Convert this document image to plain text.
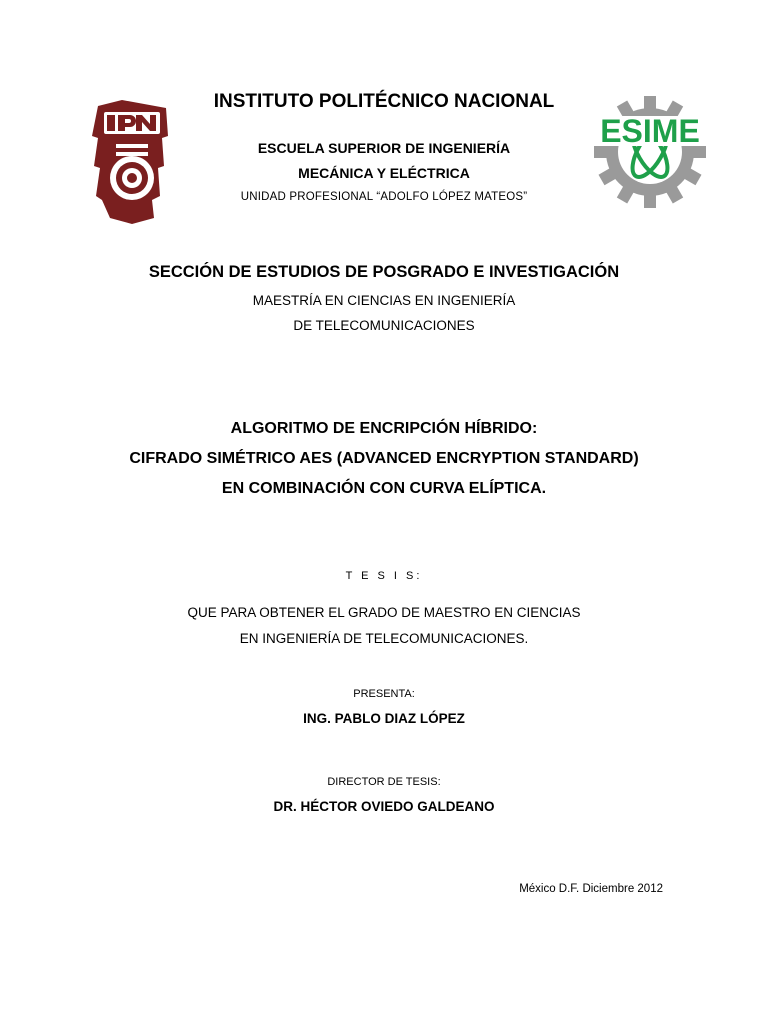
ESIME
INSTITUTO POLITÉCNICO NACIONAL
ESCUELA SUPERIOR DE INGENIERÍA
MECÁNICA Y ELÉCTRICA
UNIDAD PROFESIONAL “ADOLFO LÓPEZ MATEOS”
SECCIÓN DE ESTUDIOS DE POSGRADO E INVESTIGACIÓN
MAESTRÍA EN CIENCIAS EN INGENIERÍA
DE TELECOMUNICACIONES
ALGORITMO DE ENCRIPCIÓN HÍBRIDO:
CIFRADO SIMÉTRICO AES (ADVANCED ENCRYPTION STANDARD)
EN COMBINACIÓN CON CURVA ELÍPTICA.
T E S I S:
QUE PARA OBTENER EL GRADO DE MAESTRO EN CIENCIAS
EN INGENIERÍA DE TELECOMUNICACIONES.
PRESENTA:
ING. PABLO DIAZ LÓPEZ
DIRECTOR DE TESIS:
DR. HÉCTOR OVIEDO GALDEANO
México D.F. Diciembre 2012
